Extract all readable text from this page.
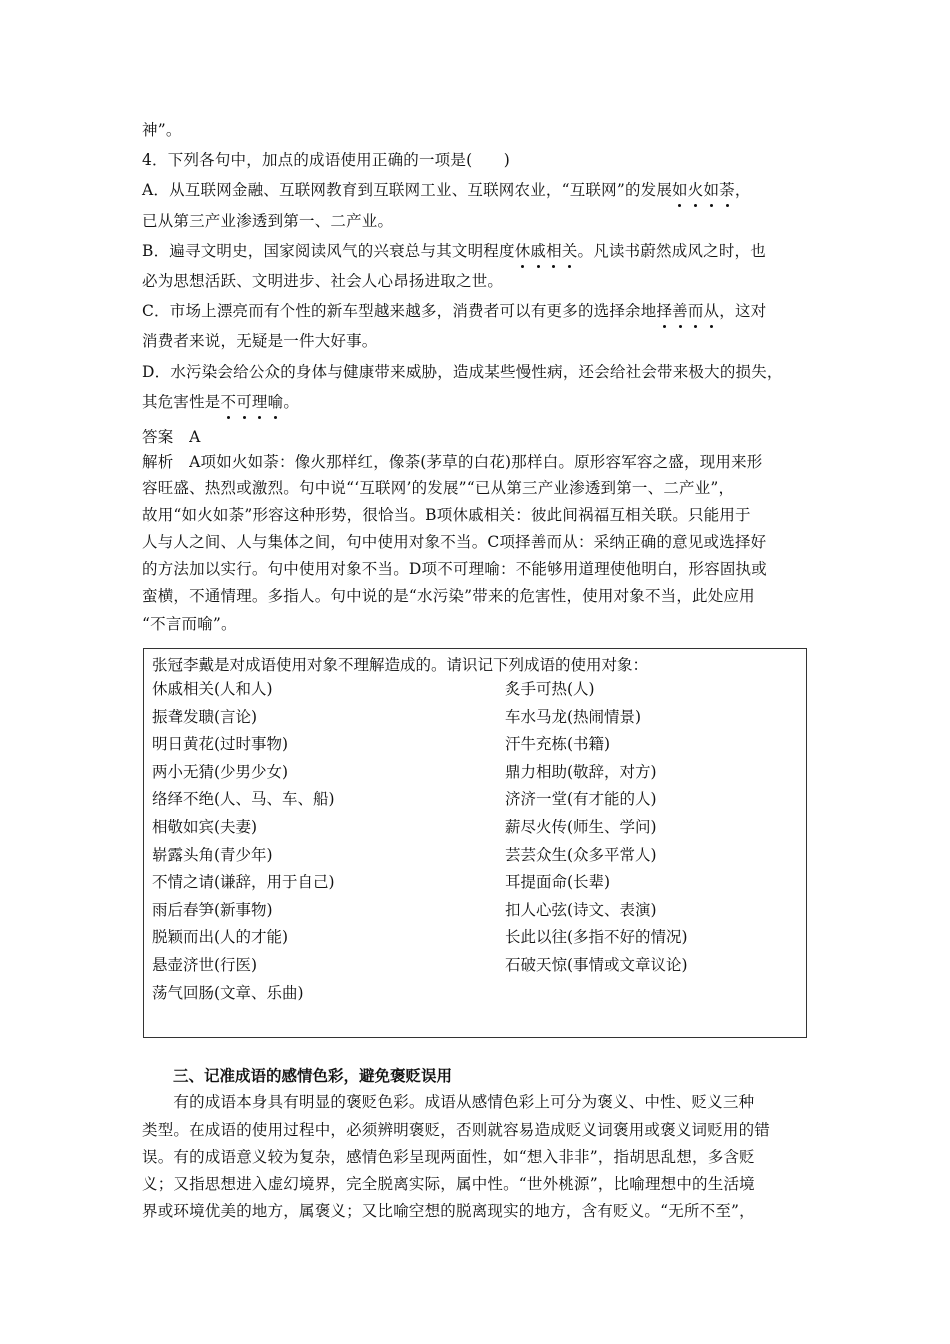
神”。
4．下列各句中，加点的成语使用正确的一项是(　　)
A．从互联网金融、互联网教育到互联网工业、互联网农业，“互联网”的发展如火如荼，
已从第三产业渗透到第一、二产业。
B．遍寻文明史，国家阅读风气的兴衰总与其文明程度休戚相关。凡读书蔚然成风之时，也
必为思想活跃、文明进步、社会人心昂扬进取之世。
C．市场上漂亮而有个性的新车型越来越多，消费者可以有更多的选择余地择善而从，这对
消费者来说，无疑是一件大好事。
D．水污染会给公众的身体与健康带来威胁，造成某些慢性病，还会给社会带来极大的损失，
其危害性是不可理喻。
答案　A
解析　A项如火如荼：像火那样红，像荼(茅草的白花)那样白。原形容军容之盛，现用来形
容旺盛、热烈或激烈。句中说“‘互联网’的发展”“已从第三产业渗透到第一、二产业”，
故用“如火如荼”形容这种形势，很恰当。B项休戚相关：彼此间祸福互相关联。只能用于
人与人之间、人与集体之间，句中使用对象不当。C项择善而从：采纳正确的意见或选择好
的方法加以实行。句中使用对象不当。D项不可理喻：不能够用道理使他明白，形容固执或
蛮横，不通情理。多指人。句中说的是“水污染”带来的危害性，使用对象不当，此处应用
“不言而喻”。
张冠李戴是对成语使用对象不理解造成的。请识记下列成语的使用对象：
休戚相关(人和人)
振聋发聩(言论)
明日黄花(过时事物)
两小无猜(少男少女)
络绎不绝(人、马、车、船)
相敬如宾(夫妻)
崭露头角(青少年)
不情之请(谦辞，用于自己)
雨后春笋(新事物)
脱颖而出(人的才能)
悬壶济世(行医)
荡气回肠(文章、乐曲)
炙手可热(人)
车水马龙(热闹情景)
汗牛充栋(书籍)
鼎力相助(敬辞，对方)
济济一堂(有才能的人)
薪尽火传(师生、学问)
芸芸众生(众多平常人)
耳提面命(长辈)
扣人心弦(诗文、表演)
长此以往(多指不好的情况)
石破天惊(事情或文章议论)
三、记准成语的感情色彩，避免褒贬误用
　　有的成语本身具有明显的褒贬色彩。成语从感情色彩上可分为褒义、中性、贬义三种
类型。在成语的使用过程中，必须辨明褒贬，否则就容易造成贬义词褒用或褒义词贬用的错
误。有的成语意义较为复杂，感情色彩呈现两面性，如“想入非非”，指胡思乱想，多含贬
义；又指思想进入虚幻境界，完全脱离实际，属中性。“世外桃源”，比喻理想中的生活境
界或环境优美的地方，属褒义；又比喻空想的脱离现实的地方，含有贬义。“无所不至”，
